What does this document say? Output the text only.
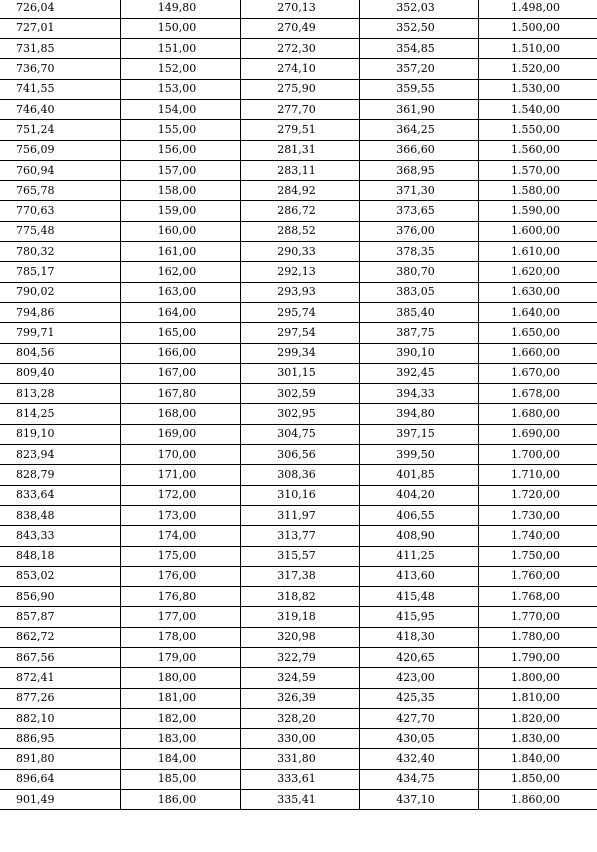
726,04	149,80	270,13	352,03	1.498,00
727,01	150,00	270,49	352,50	1.500,00
731,85	151,00	272,30	354,85	1.510,00
736,70	152,00	274,10	357,20	1.520,00
741,55	153,00	275,90	359,55	1.530,00
746,40	154,00	277,70	361,90	1.540,00
751,24	155,00	279,51	364,25	1.550,00
756,09	156,00	281,31	366,60	1.560,00
760,94	157,00	283,11	368,95	1.570,00
765,78	158,00	284,92	371,30	1.580,00
770,63	159,00	286,72	373,65	1.590,00
775,48	160,00	288,52	376,00	1.600,00
780,32	161,00	290,33	378,35	1.610,00
785,17	162,00	292,13	380,70	1.620,00
790,02	163,00	293,93	383,05	1.630,00
794,86	164,00	295,74	385,40	1.640,00
799,71	165,00	297,54	387,75	1.650,00
804,56	166,00	299,34	390,10	1.660,00
809,40	167,00	301,15	392,45	1.670,00
813,28	167,80	302,59	394,33	1.678,00
814,25	168,00	302,95	394,80	1.680,00
819,10	169,00	304,75	397,15	1.690,00
823,94	170,00	306,56	399,50	1.700,00
828,79	171,00	308,36	401,85	1.710,00
833,64	172,00	310,16	404,20	1.720,00
838,48	173,00	311,97	406,55	1.730,00
843,33	174,00	313,77	408,90	1.740,00
848,18	175,00	315,57	411,25	1.750,00
853,02	176,00	317,38	413,60	1.760,00
856,90	176,80	318,82	415,48	1.768,00
857,87	177,00	319,18	415,95	1.770,00
862,72	178,00	320,98	418,30	1.780,00
867,56	179,00	322,79	420,65	1.790,00
872,41	180,00	324,59	423,00	1.800,00
877,26	181,00	326,39	425,35	1.810,00
882,10	182,00	328,20	427,70	1.820,00
886,95	183,00	330,00	430,05	1.830,00
891,80	184,00	331,80	432,40	1.840,00
896,64	185,00	333,61	434,75	1.850,00
901,49	186,00	335,41	437,10	1.860,00
